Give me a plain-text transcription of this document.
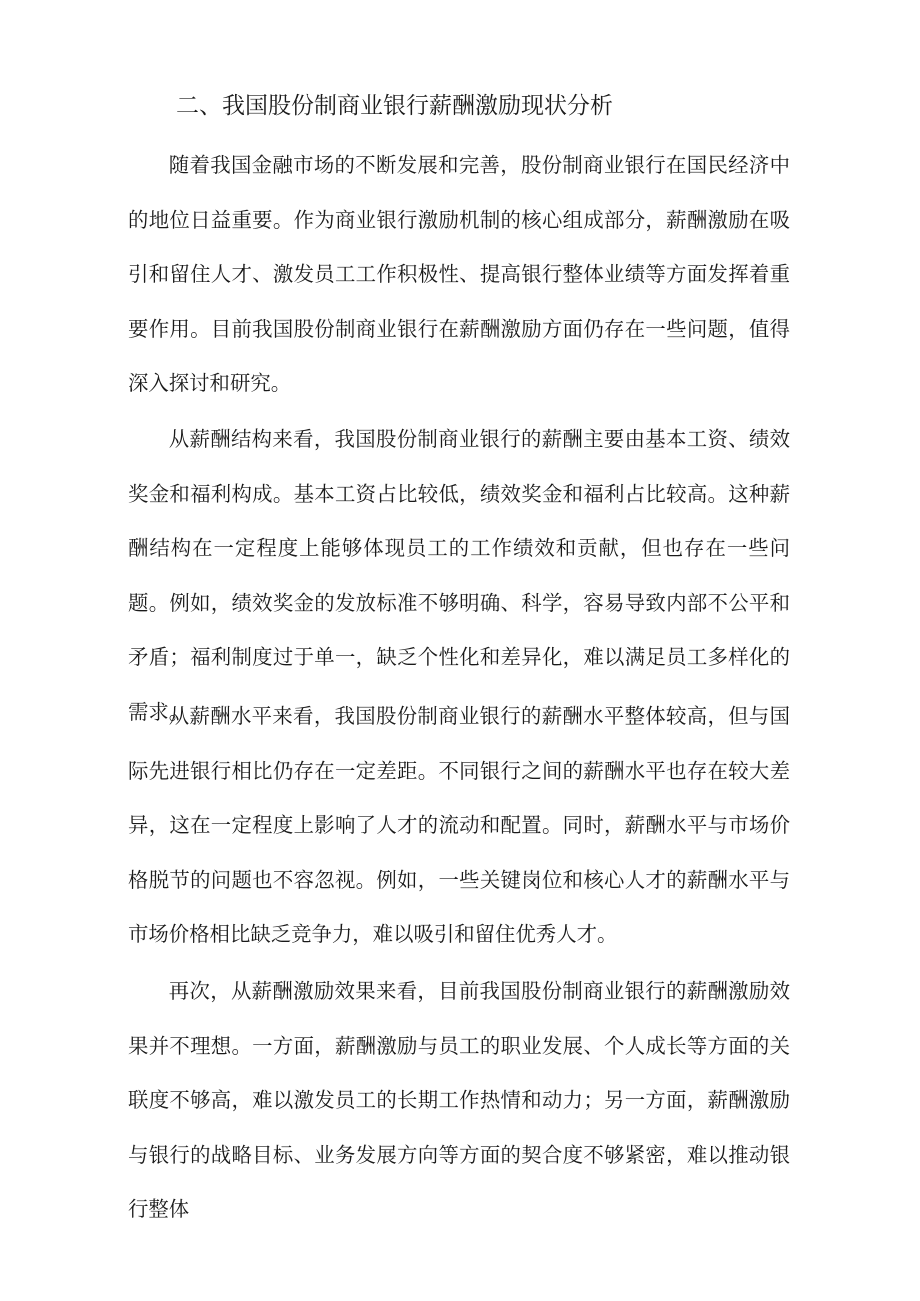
二、我国股份制商业银行薪酬激励现状分析

随着我国金融市场的不断发展和完善，股份制商业银行在国民经济中的地位日益重要。作为商业银行激励机制的核心组成部分，薪酬激励在吸引和留住人才、激发员工工作积极性、提高银行整体业绩等方面发挥着重要作用。目前我国股份制商业银行在薪酬激励方面仍存在一些问题，值得深入探讨和研究。

从薪酬结构来看，我国股份制商业银行的薪酬主要由基本工资、绩效奖金和福利构成。基本工资占比较低，绩效奖金和福利占比较高。这种薪酬结构在一定程度上能够体现员工的工作绩效和贡献，但也存在一些问题。例如，绩效奖金的发放标准不够明确、科学，容易导致内部不公平和矛盾；福利制度过于单一，缺乏个性化和差异化，难以满足员工多样化的需求。

从薪酬水平来看，我国股份制商业银行的薪酬水平整体较高，但与国际先进银行相比仍存在一定差距。不同银行之间的薪酬水平也存在较大差异，这在一定程度上影响了人才的流动和配置。同时，薪酬水平与市场价格脱节的问题也不容忽视。例如，一些关键岗位和核心人才的薪酬水平与市场价格相比缺乏竞争力，难以吸引和留住优秀人才。

再次，从薪酬激励效果来看，目前我国股份制商业银行的薪酬激励效果并不理想。一方面，薪酬激励与员工的职业发展、个人成长等方面的关联度不够高，难以激发员工的长期工作热情和动力；另一方面，薪酬激励与银行的战略目标、业务发展方向等方面的契合度不够紧密，难以推动银行整体
